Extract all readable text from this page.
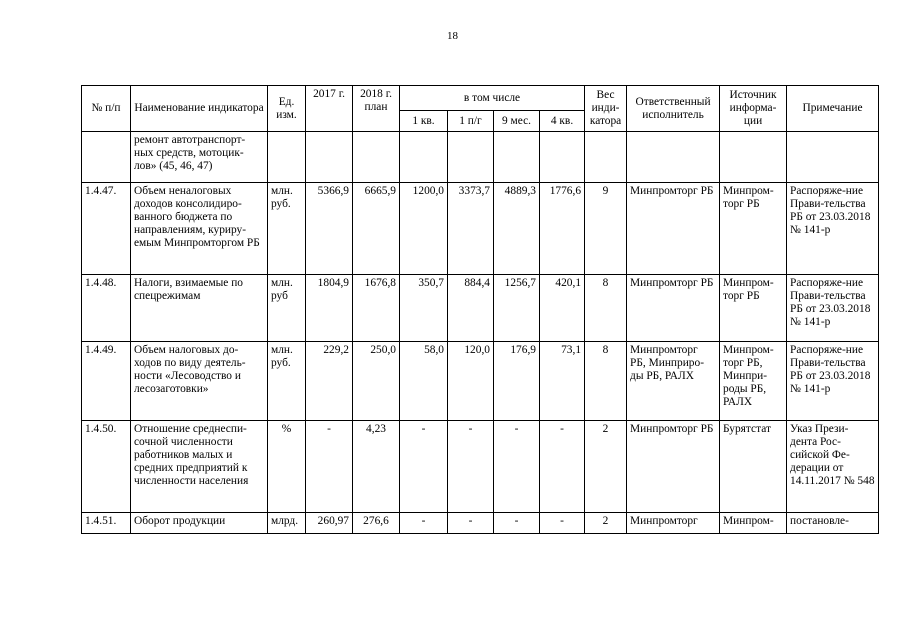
18
№ п/п	Наименование индикатора	Ед. изм.	2017 г.	2018 г. план	в том числе				Вес инди-катора	Ответственный исполнитель	Источник информа-ции	Примечание
					1 кв.	1 п/г	9 мес.	4 кв.				
	ремонт автотранспорт-ных средств, мотоцик-лов» (45, 46, 47)											
1.4.47.	Объем неналоговых доходов консолидиро-ванного бюджета по направлениям, куриру-емым Минпромторгом РБ	млн. руб.	5366,9	6665,9	1200,0	3373,7	4889,3	1776,6	9	Минпромторг РБ	Минпром-торг РБ	Распоряже-ние Прави-тельства РБ от 23.03.2018 № 141-р
1.4.48.	Налоги, взимаемые по спецрежимам	млн. руб	1804,9	1676,8	350,7	884,4	1256,7	420,1	8	Минпромторг РБ	Минпром-торг РБ	Распоряже-ние Прави-тельства РБ от 23.03.2018 № 141-р
1.4.49.	Объем налоговых до-ходов по виду деятель-ности «Лесоводство и лесозаготовки»	млн. руб.	229,2	250,0	58,0	120,0	176,9	73,1	8	Минпромторг РБ, Минприро-ды РБ, РАЛХ	Минпром-торг РБ, Минпри-роды РБ, РАЛХ	Распоряже-ние Прави-тельства РБ от 23.03.2018 № 141-р
1.4.50.	Отношение среднеспи-сочной численности работников малых и средних предприятий к численности населения	%	-	4,23	-	-	-	-	2	Минпромторг РБ	Бурятстат	Указ Прези-дента Рос-сийской Фе-дерации от 14.11.2017 № 548
1.4.51.	Оборот продукции	млрд.	260,97	276,6	-	-	-	-	2	Минпромторг	Минпром-	постановле-
